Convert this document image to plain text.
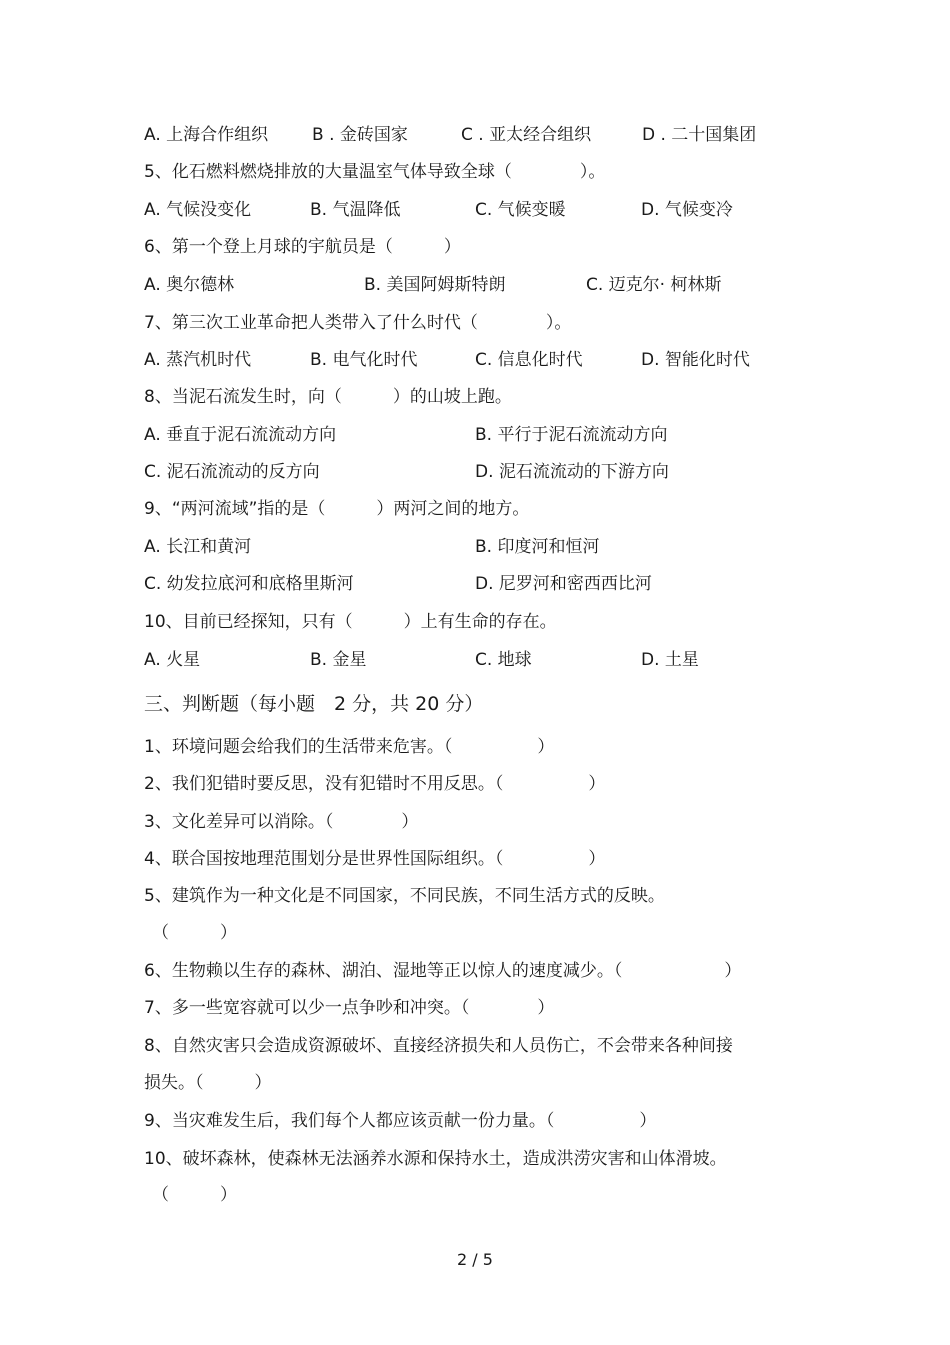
A. 上海合作组织	B . 金砖国家	C . 亚太经合组织	D . 二十国集团
5、化石燃料燃烧排放的大量温室气体导致全球（　　　　）。
A. 气候没变化	B. 气温降低	C. 气候变暖	D. 气候变冷
6、第一个登上月球的宇航员是（　　　）
A. 奥尔德林	B. 美国阿姆斯特朗	C. 迈克尔· 柯林斯
7、第三次工业革命把人类带入了什么时代（　　　　）。
A. 蒸汽机时代	B. 电气化时代	C. 信息化时代	D. 智能化时代
8、当泥石流发生时，向（　　　）的山坡上跑。
A. 垂直于泥石流流动方向	B. 平行于泥石流流动方向
C. 泥石流流动的反方向	D. 泥石流流动的下游方向
9、“两河流域”指的是（　　　）两河之间的地方。
A. 长江和黄河	B. 印度河和恒河
C. 幼发拉底河和底格里斯河	D. 尼罗河和密西西比河
10、目前已经探知，只有（　　　）上有生命的存在。
A. 火星	B. 金星	C. 地球	D. 土星
三、判断题（每小题　2 分，共 20 分）
1、环境问题会给我们的生活带来危害。（　　　　　）
2、我们犯错时要反思，没有犯错时不用反思。（　　　　　）
3、文化差异可以消除。（　　　　）
4、联合国按地理范围划分是世界性国际组织。（　　　　　）
5、建筑作为一种文化是不同国家，不同民族，不同生活方式的反映。
（　　　）
6、生物赖以生存的森林、湖泊、湿地等正以惊人的速度减少。（　　　　　　）
7、多一些宽容就可以少一点争吵和冲突。（　　　　）
8、自然灾害只会造成资源破坏、直接经济损失和人员伤亡，不会带来各种间接
损失。（　　　）
9、当灾难发生后，我们每个人都应该贡献一份力量。（　　　　　）
10、破坏森林，使森林无法涵养水源和保持水土，造成洪涝灾害和山体滑坡。
（　　　）
2 / 5
